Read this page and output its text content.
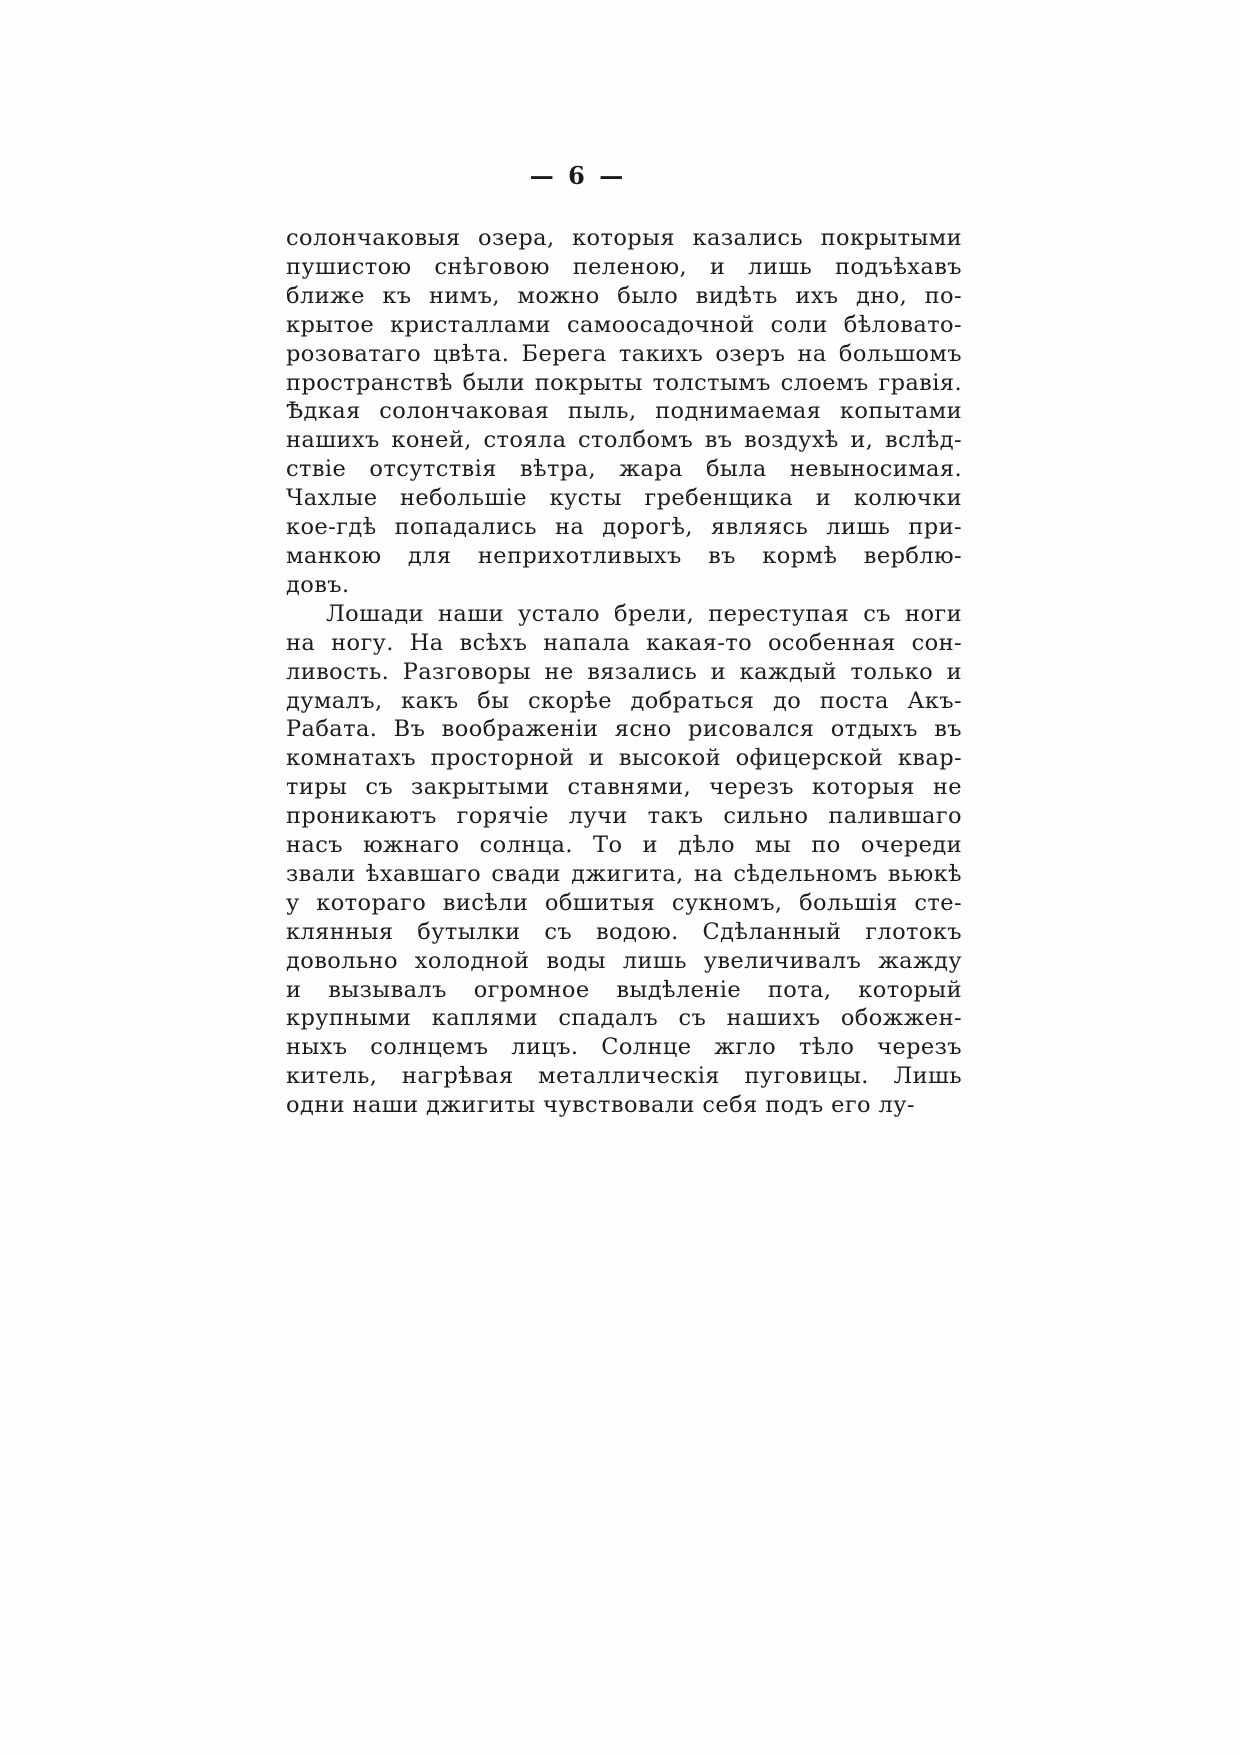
— 6 —
солончаковыя озера, которыя казались покрытыми
пушистою снѣговою пеленою, и лишь подъѣхавъ
ближе къ нимъ, можно было видѣть ихъ дно, по-
крытое кристаллами самоосадочной соли бѣловато-
розоватаго цвѣта. Берега такихъ озеръ на большомъ
пространствѣ были покрыты толстымъ слоемъ гравія.
Ѣдкая солончаковая пыль, поднимаемая копытами
нашихъ коней, стояла столбомъ въ воздухѣ и, вслѣд-
ствіе отсутствія вѣтра, жара была невыносимая.
Чахлые небольшіе кусты гребенщика и колючки
кое-гдѣ попадались на дорогѣ, являясь лишь при-
манкою для неприхотливыхъ въ кормѣ верблю-
довъ.
Лошади наши устало брели, переступая съ ноги
на ногу. На всѣхъ напала какая-то особенная сон-
ливость. Разговоры не вязались и каждый только и
думалъ, какъ бы скорѣе добраться до поста Акъ-
Рабата. Въ воображеніи ясно рисовался отдыхъ въ
комнатахъ просторной и высокой офицерской квар-
тиры съ закрытыми ставнями, черезъ которыя не
проникаютъ горячіе лучи такъ сильно палившаго
насъ южнаго солнца. То и дѣло мы по очереди
звали ѣхавшаго свади джигита, на сѣдельномъ вьюкѣ
у котораго висѣли обшитыя сукномъ, большія сте-
клянныя бутылки съ водою. Сдѣланный глотокъ
довольно холодной воды лишь увеличивалъ жажду
и вызывалъ огромное выдѣленіе пота, который
крупными каплями спадалъ съ нашихъ обожжен-
ныхъ солнцемъ лицъ. Солнце жгло тѣло черезъ
китель, нагрѣвая металлическія пуговицы. Лишь
одни наши джигиты чувствовали себя подъ его лу-
